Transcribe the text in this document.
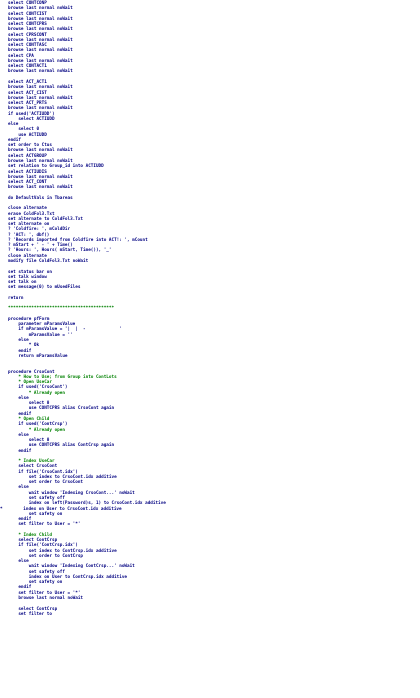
select CONTCONP
browse last normal noWait
select CONTCIST
browse last normal noWait
select CONTCPRS
browse last normal noWait
select CPRSCONT
browse last normal noWait
select CONTTASC
browse last normal noWait
select CPA
browse last normal noWait
select CONTACT1
browse last normal noWait

select ACT_ACT1
browse last normal noWait
select ACT_CIST
browse last normal noWait
select ACT_PRTS
browse last normal noWait
if used('ACTIUDD')
select ACTIUDD
else
select 0
use ACTIUDD
endif
set order to Ctus
browse last normal noWait
select ACTGROUP
browse last normal noWait
set relation to Group_id into ACTIUDD
select ACTIUDIS
browse last normal noWait
select ACT_CONT
browse last normal noWait

do DefaultVals in Tbareas

close alternate
erase ColdFol3.Txt
set alternate to ColdFol3.Txt
set alternate on
? 'Coldfire: ', mColdDir
? 'ACT: ', dbf()
? 'Records imported from Coldfire into ACT!: ', mCount
? mStart + ' - ' + Time()
? 'Hours: ', Hours( mStart, Time()), '_'
close alternate
modify file ColdFol3.Txt noWait

set status bar on
set talk window
set talk on
set message(0) to mUsedFiles

return

*****************************************

procedure pfForm
parameter mParamsValue
if mParamsValue = '|  |  -             '
mParamsValue = ''
else
* Ok
endif
return mParamsValue

procedure CrsoCont
* How to Use; from Group into ContLots
* Open UseCar
if used('CrsoCont')
* Already open
else
select 0
use CONTCPRS alias CrsoCont again
endif
* Open Child
if used('ContCrsp')
* Already open
else
select 0
use CONTCPRS alias ContCrsp again
endif

* Index UseCar
select CrsoCont
if file('CrsoCont.idx')
set index to CrsoCont.idx additive
set order to CrsoCont
else
wait window 'Indexing CrsoCont...' noWait
set safety off
index on left(Password)s, 1) to CrsoCont.idx additive
*        index on User to CrsoCont.idx additive
set safety on
endif
set filter to User = '*'

* Index Child
select ContCrsp
if file('ContCrsp.idx')
set index to ContCrsp.idx additive
set order to ContCrsp
else
wait window 'Indexing ContCrsp...' noWait
set safety off
index on User to ContCrsp.idx additive
set safety on
endif
set filter to User = '*'
browse last normal noWait

select ContCrsp
set filter to
